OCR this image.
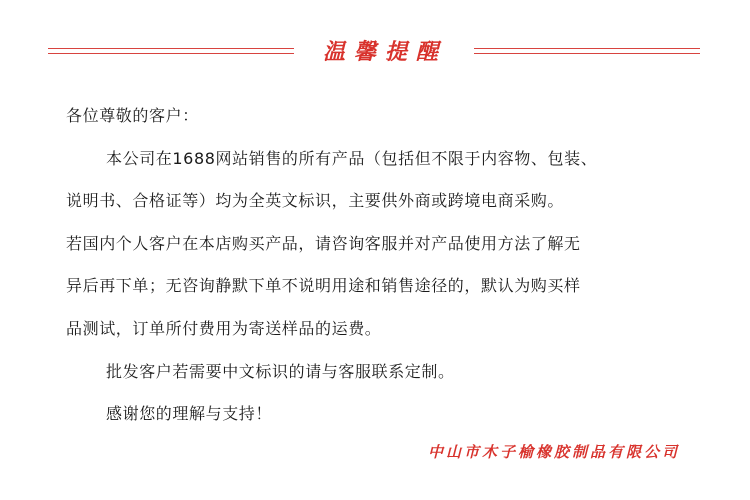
温馨提醒
各位尊敬的客户：
本公司在1688网站销售的所有产品（包括但不限于内容物、包装、
说明书、合格证等）均为全英文标识，主要供外商或跨境电商采购。
若国内个人客户在本店购买产品，请咨询客服并对产品使用方法了解无
异后再下单；无咨询静默下单不说明用途和销售途径的，默认为购买样
品测试，订单所付费用为寄送样品的运费。
批发客户若需要中文标识的请与客服联系定制。
感谢您的理解与支持！
中山市木子榆橡胶制品有限公司
